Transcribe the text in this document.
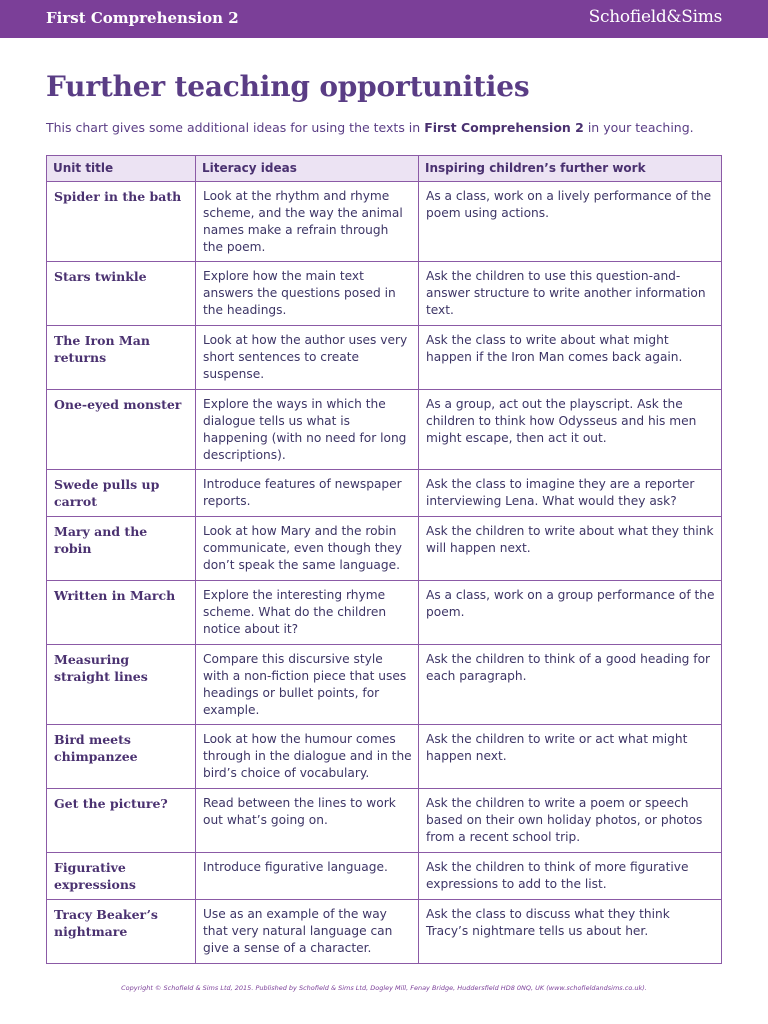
First Comprehension 2	Schofield&Sims
Further teaching opportunities
This chart gives some additional ideas for using the texts in First Comprehension 2 in your teaching.
Unit title	Literacy ideas	Inspiring children’s further work
Spider in the bath	Look at the rhythm and rhyme scheme, and the way the animal names make a refrain through the poem.	As a class, work on a lively performance of the poem using actions.
Stars twinkle	Explore how the main text answers the questions posed in the headings.	Ask the children to use this question-and-answer structure to write another information text.
The Iron Man returns	Look at how the author uses very short sentences to create suspense.	Ask the class to write about what might happen if the Iron Man comes back again.
One-eyed monster	Explore the ways in which the dialogue tells us what is happening (with no need for long descriptions).	As a group, act out the playscript. Ask the children to think how Odysseus and his men might escape, then act it out.
Swede pulls up carrot	Introduce features of newspaper reports.	Ask the class to imagine they are a reporter interviewing Lena. What would they ask?
Mary and the robin	Look at how Mary and the robin communicate, even though they don’t speak the same language.	Ask the children to write about what they think will happen next.
Written in March	Explore the interesting rhyme scheme. What do the children notice about it?	As a class, work on a group performance of the poem.
Measuring straight lines	Compare this discursive style with a non-fiction piece that uses headings or bullet points, for example.	Ask the children to think of a good heading for each paragraph.
Bird meets chimpanzee	Look at how the humour comes through in the dialogue and in the bird’s choice of vocabulary.	Ask the children to write or act what might happen next.
Get the picture?	Read between the lines to work out what’s going on.	Ask the children to write a poem or speech based on their own holiday photos, or photos from a recent school trip.
Figurative expressions	Introduce figurative language.	Ask the children to think of more figurative expressions to add to the list.
Tracy Beaker’s nightmare	Use as an example of the way that very natural language can give a sense of a character.	Ask the class to discuss what they think Tracy’s nightmare tells us about her.
Copyright © Schofield & Sims Ltd, 2015. Published by Schofield & Sims Ltd, Dogley Mill, Fenay Bridge, Huddersfield HD8 0NQ, UK (www.schofieldandsims.co.uk).
